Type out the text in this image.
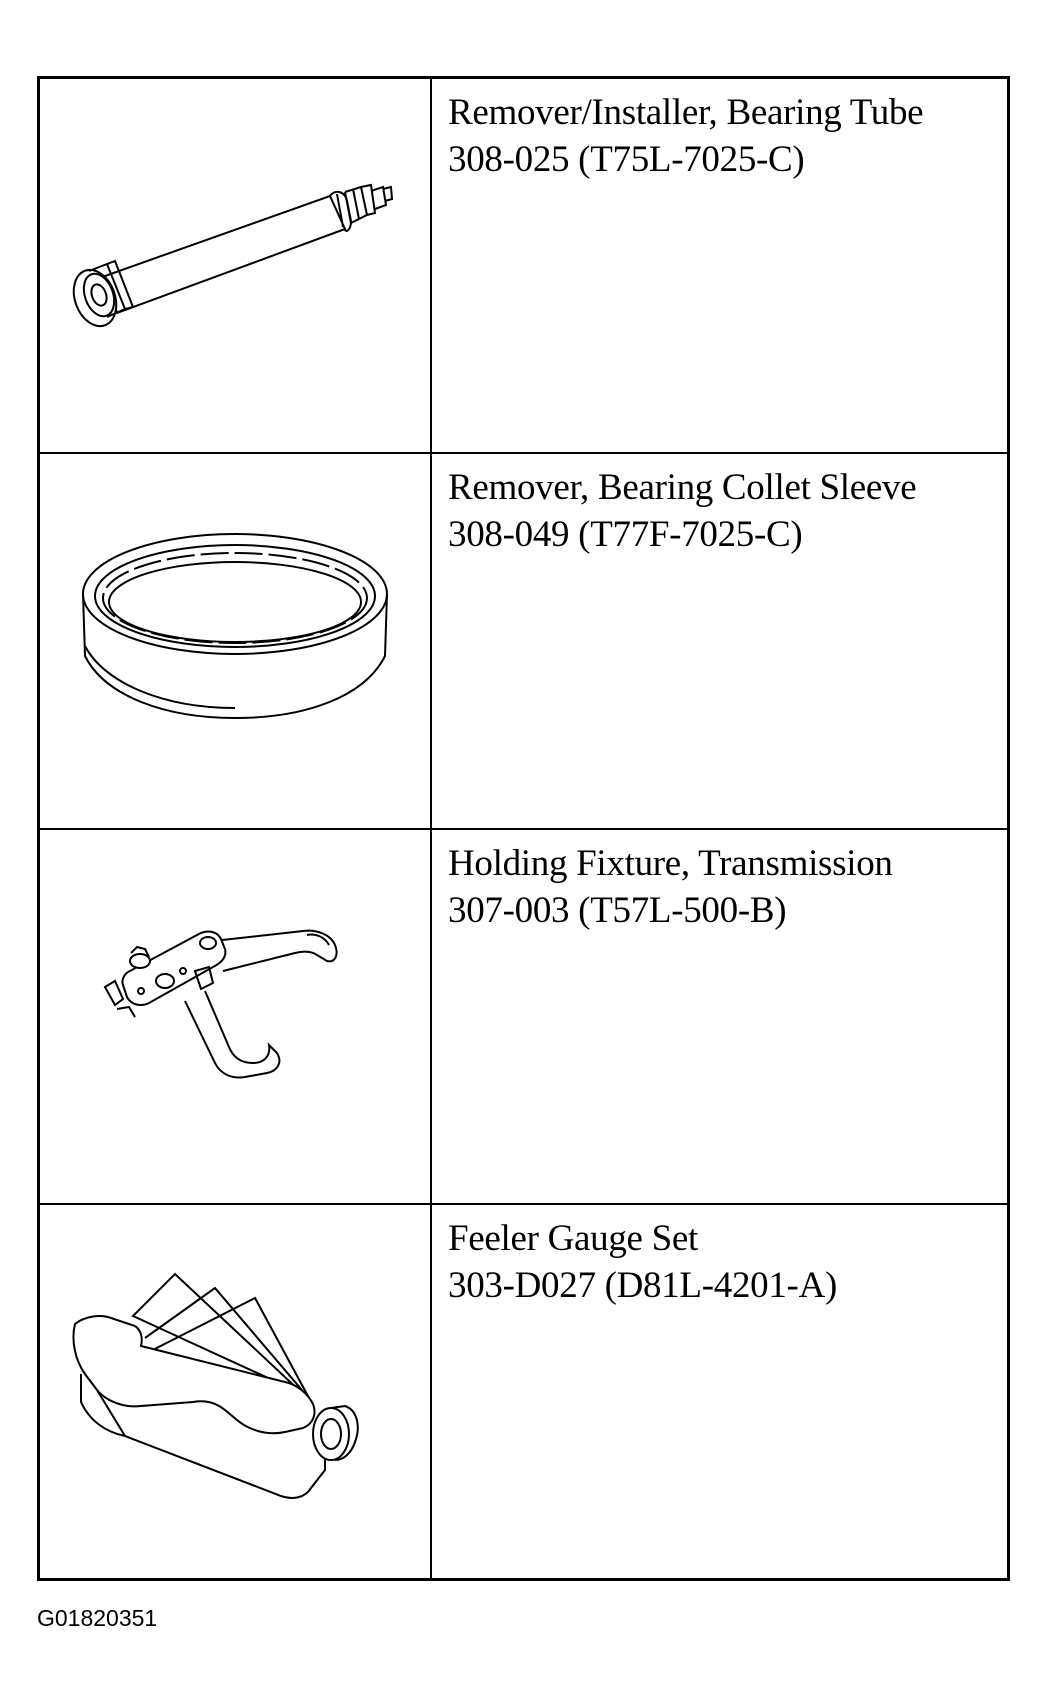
Remover/Installer, Bearing Tube
308-025 (T75L-7025-C)
Remover, Bearing Collet Sleeve
308-049 (T77F-7025-C)
Holding Fixture, Transmission
307-003 (T57L-500-B)
Feeler Gauge Set
303-D027 (D81L-4201-A)
G01820351
